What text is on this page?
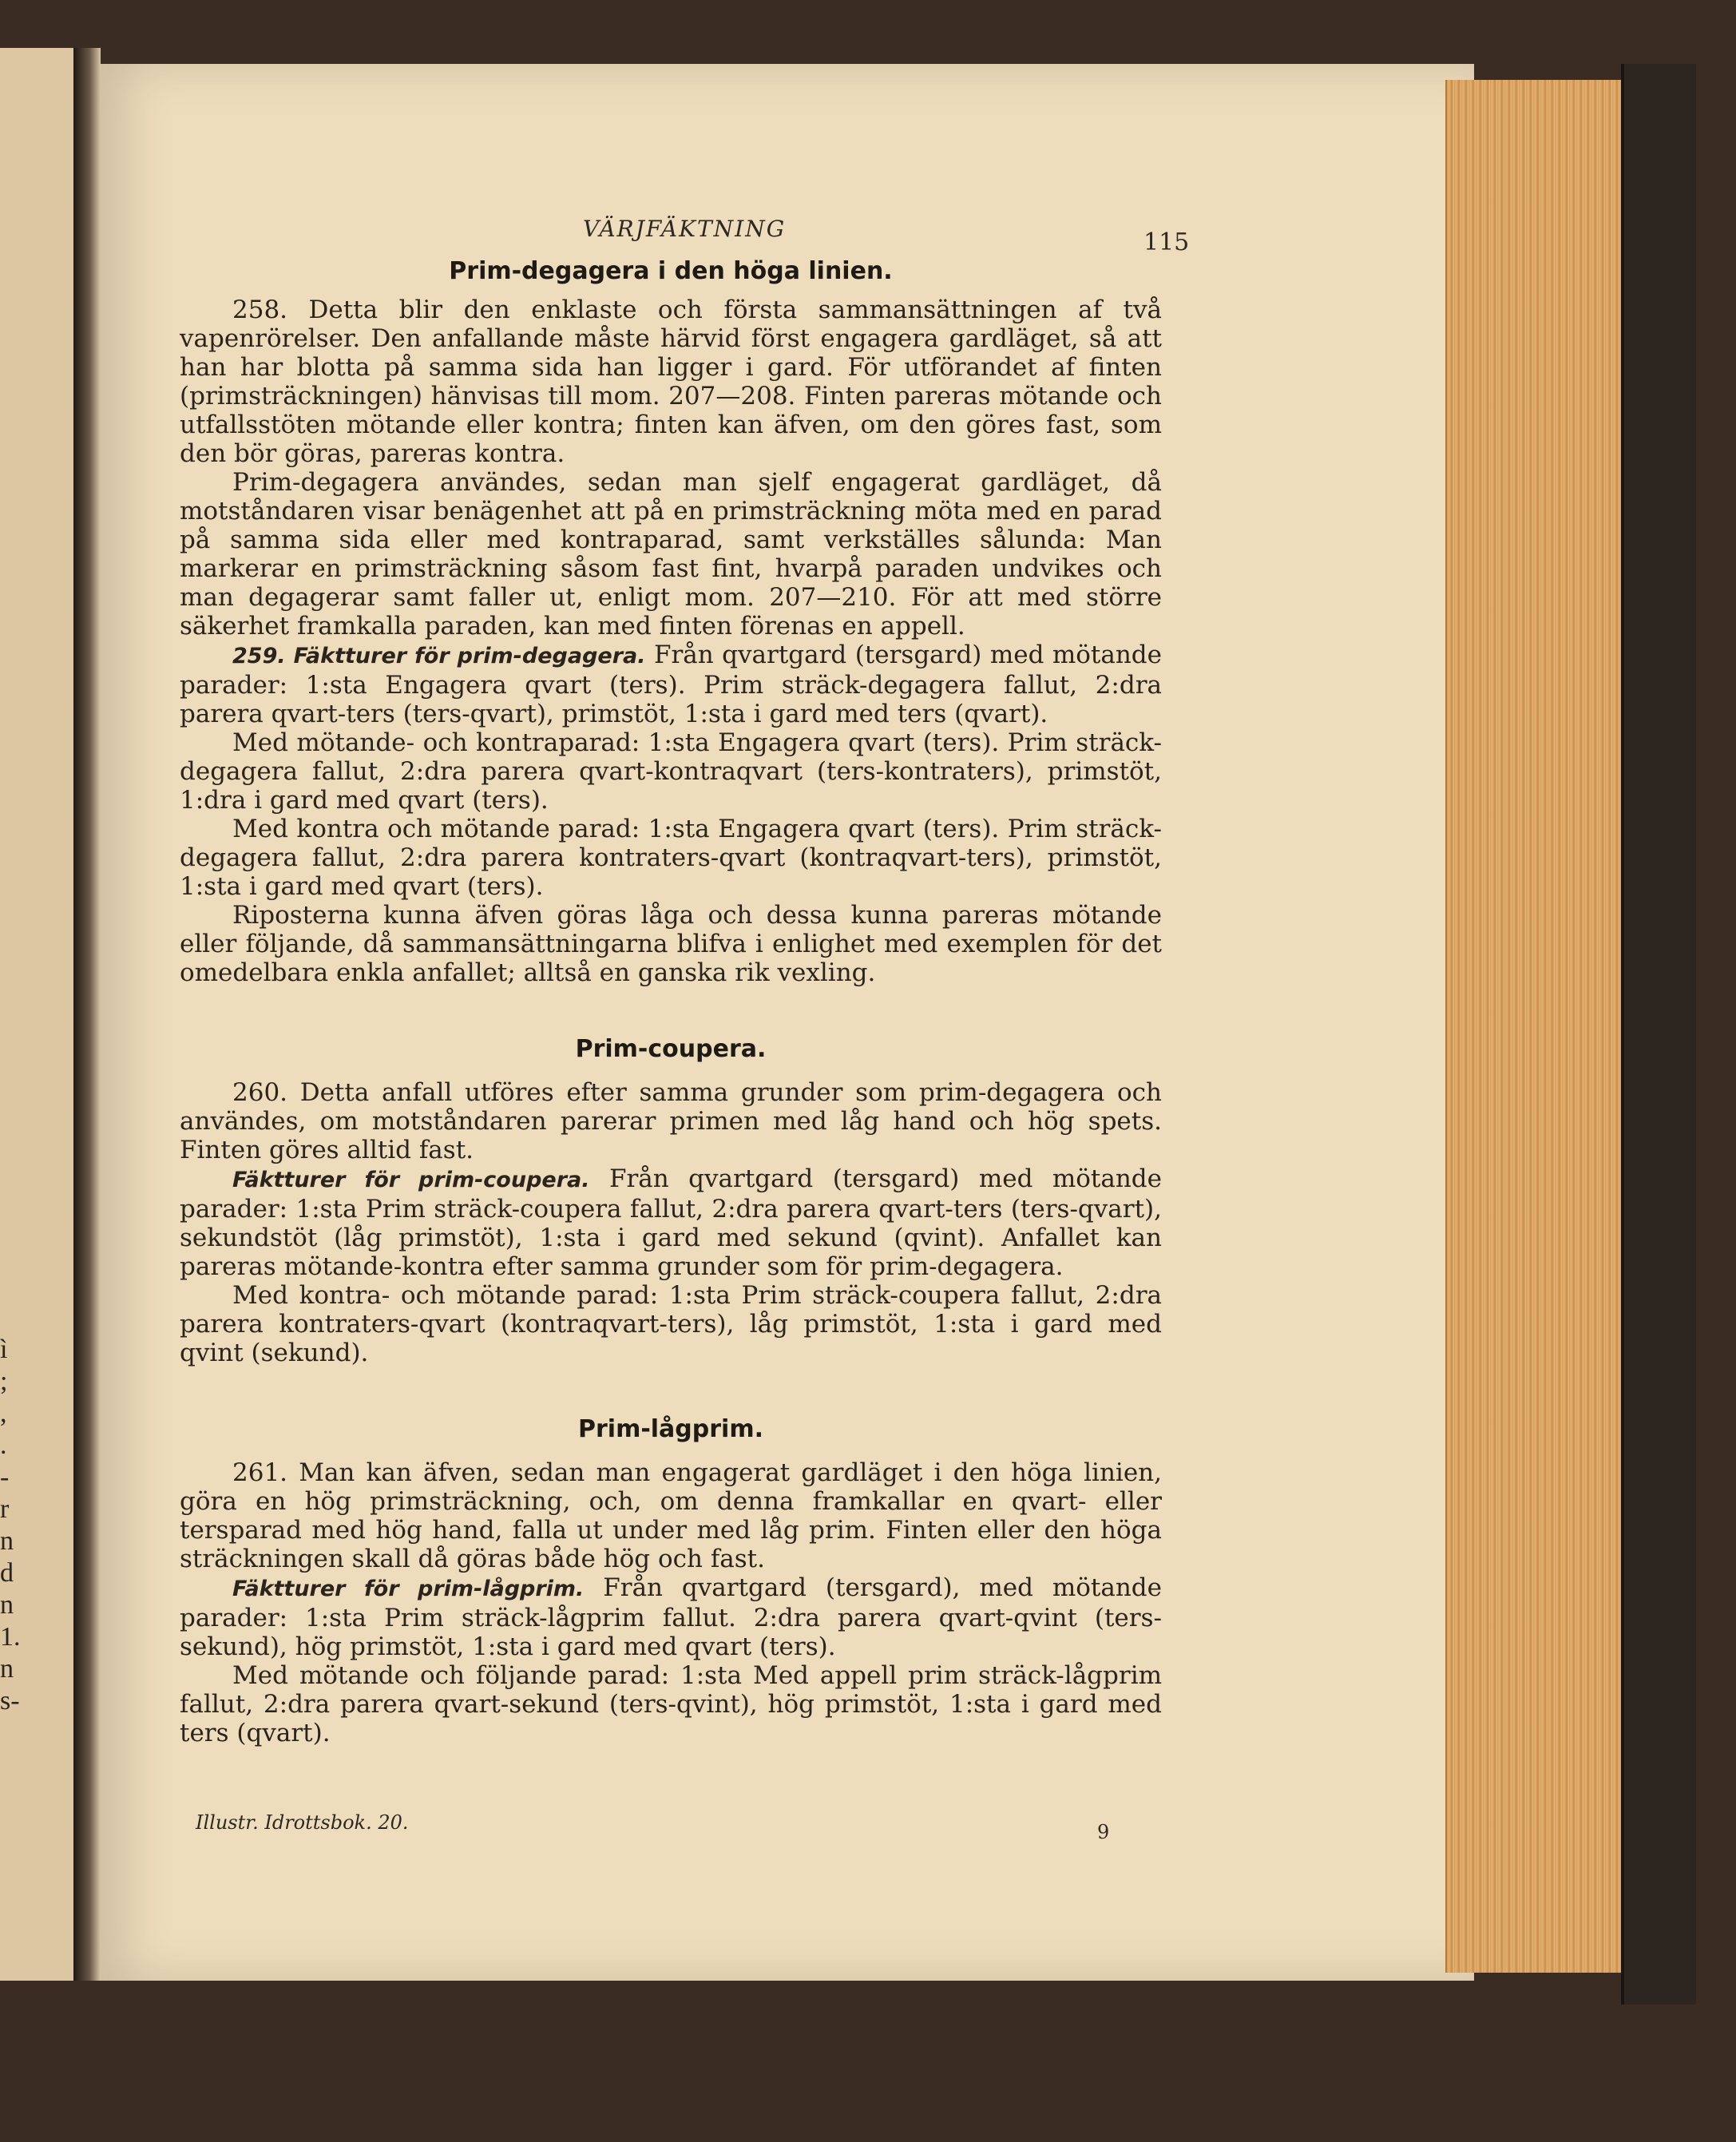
ì
;
,
.
-
r
n
d
n
1.
n
s-
VÄRJFÄKTNING	115
Prim-degagera i den höga linien.

258. Detta blir den enklaste och första sammansättningen af två vapenrörelser. Den anfallande måste härvid först engagera gardläget, så att han har blotta på samma sida han ligger i gard. För utförandet af finten (primsträckningen) hänvisas till mom. 207—208. Finten pareras mötande och utfallsstöten mötande eller kontra; finten kan äfven, om den göres fast, som den bör göras, pareras kontra.

Prim-degagera användes, sedan man sjelf engagerat gardläget, då motståndaren visar benägenhet att på en primsträckning möta med en parad på samma sida eller med kontraparad, samt verkställes sålunda: Man markerar en primsträckning såsom fast fint, hvarpå paraden undvikes och man degagerar samt faller ut, enligt mom. 207—210. För att med större säkerhet framkalla paraden, kan med finten förenas en appell.

259. Fäktturer för prim-degagera. Från qvartgard (tersgard) med mötande parader: 1:sta Engagera qvart (ters). Prim sträck-degagera fallut, 2:dra parera qvart-ters (ters-qvart), primstöt, 1:sta i gard med ters (qvart).

Med mötande- och kontraparad: 1:sta Engagera qvart (ters). Prim sträck-degagera fallut, 2:dra parera qvart-kontraqvart (ters-kontraters), primstöt, 1:dra i gard med qvart (ters).

Med kontra och mötande parad: 1:sta Engagera qvart (ters). Prim sträck-degagera fallut, 2:dra parera kontraters-qvart (kontraqvart-ters), primstöt, 1:sta i gard med qvart (ters).

Riposterna kunna äfven göras låga och dessa kunna pareras mötande eller följande, då sammansättningarna blifva i enlighet med exemplen för det omedelbara enkla anfallet; alltså en ganska rik vexling.

Prim-coupera.

260. Detta anfall utföres efter samma grunder som prim-degagera och användes, om motståndaren parerar primen med låg hand och hög spets. Finten göres alltid fast.

Fäktturer för prim-coupera. Från qvartgard (tersgard) med mötande parader: 1:sta Prim sträck-coupera fallut, 2:dra parera qvart-ters (ters-qvart), sekundstöt (låg primstöt), 1:sta i gard med sekund (qvint). Anfallet kan pareras mötande-kontra efter samma grunder som för prim-degagera.

Med kontra- och mötande parad: 1:sta Prim sträck-coupera fallut, 2:dra parera kontraters-qvart (kontraqvart-ters), låg primstöt, 1:sta i gard med qvint (sekund).

Prim-lågprim.

261. Man kan äfven, sedan man engagerat gardläget i den höga linien, göra en hög primsträckning, och, om denna framkallar en qvart- eller tersparad med hög hand, falla ut under med låg prim. Finten eller den höga sträckningen skall då göras både hög och fast.

Fäktturer för prim-lågprim. Från qvartgard (tersgard), med mötande parader: 1:sta Prim sträck-lågprim fallut. 2:dra parera qvart-qvint (ters-sekund), hög primstöt, 1:sta i gard med qvart (ters).

Med mötande och följande parad: 1:sta Med appell prim sträck-lågprim fallut, 2:dra parera qvart-sekund (ters-qvint), hög primstöt, 1:sta i gard med ters (qvart).

Illustr. Idrottsbok. 20.	9
